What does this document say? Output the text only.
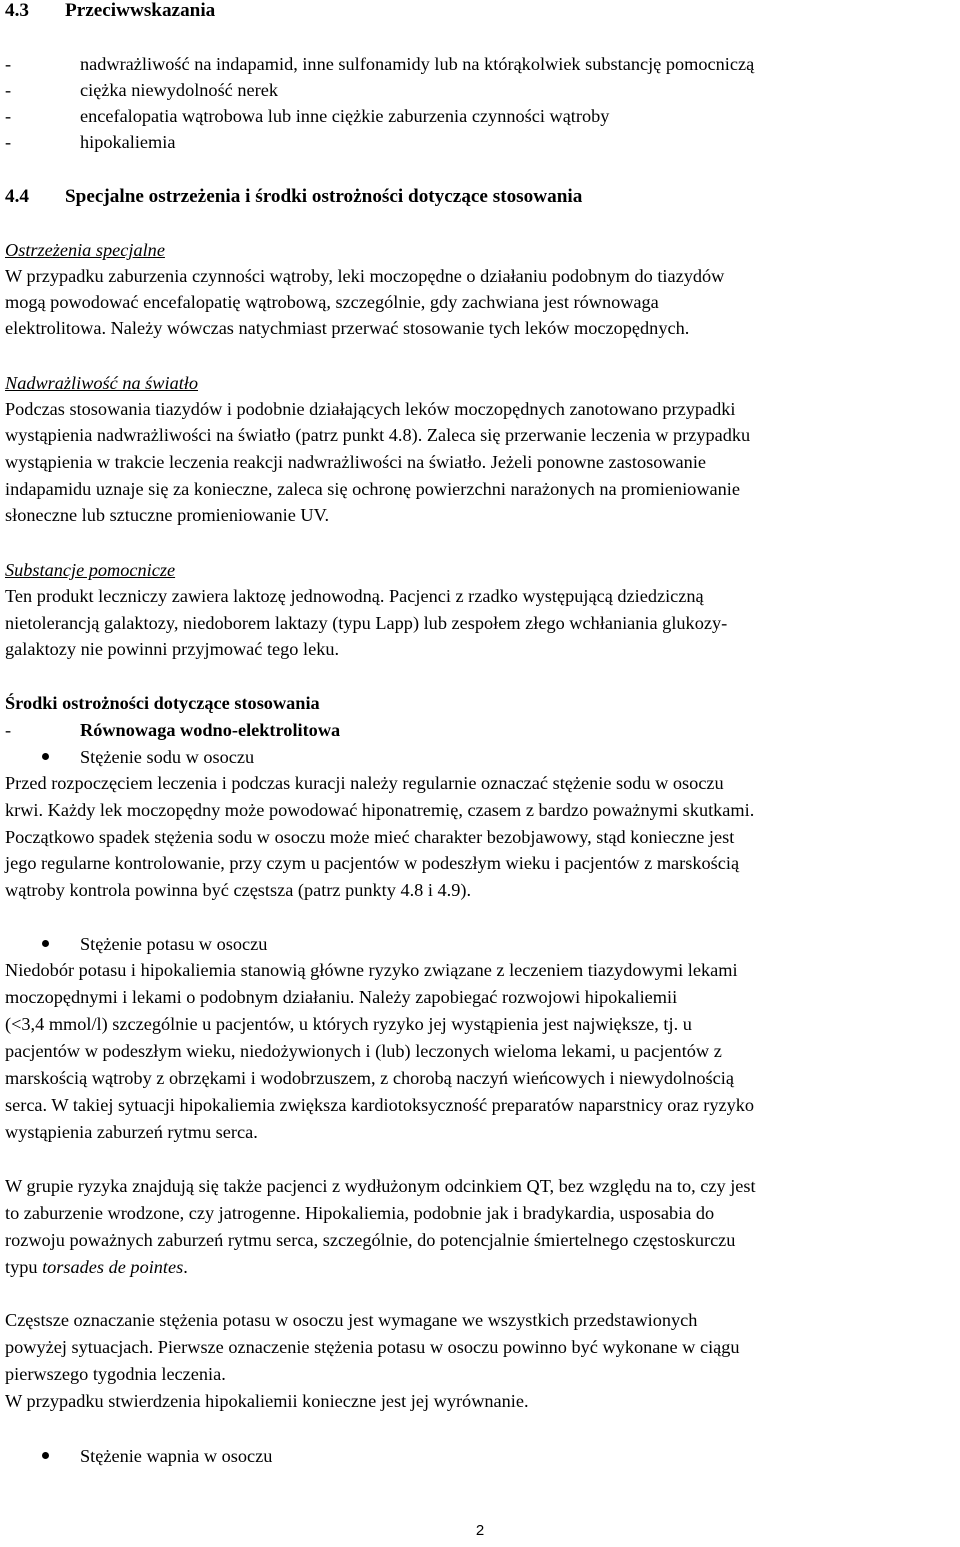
4.3 Przeciwwskazania
-	nadwrażliwość na indapamid, inne sulfonamidy lub na którąkolwiek substancję pomocniczą
-	ciężka niewydolność nerek
-	encefalopatia wątrobowa lub inne ciężkie zaburzenia czynności wątroby
-	hipokaliemia
4.4 Specjalne ostrzeżenia i środki ostrożności dotyczące stosowania
Ostrzeżenia specjalne
W przypadku zaburzenia czynności wątroby, leki moczopędne o działaniu podobnym do tiazydów
mogą powodować encefalopatię wątrobową, szczególnie, gdy zachwiana jest równowaga
elektrolitowa. Należy wówczas natychmiast przerwać stosowanie tych leków moczopędnych.
Nadwrażliwość na światło
Podczas stosowania tiazydów i podobnie działających leków moczopędnych zanotowano przypadki
wystąpienia nadwrażliwości na światło (patrz punkt 4.8). Zaleca się przerwanie leczenia w przypadku
wystąpienia w trakcie leczenia reakcji nadwrażliwości na światło. Jeżeli ponowne zastosowanie
indapamidu uznaje się za konieczne, zaleca się ochronę powierzchni narażonych na promieniowanie
słoneczne lub sztuczne promieniowanie UV.
Substancje pomocnicze
Ten produkt leczniczy zawiera laktozę jednowodną. Pacjenci z rzadko występującą dziedziczną
nietolerancją galaktozy, niedoborem laktazy (typu Lapp) lub zespołem złego wchłaniania glukozy-
galaktozy nie powinni przyjmować tego leku.
Środki ostrożności dotyczące stosowania
-	Równowaga wodno-elektrolitowa
Stężenie sodu w osoczu
Przed rozpoczęciem leczenia i podczas kuracji należy regularnie oznaczać stężenie sodu w osoczu
krwi. Każdy lek moczopędny może powodować hiponatremię, czasem z bardzo poważnymi skutkami.
Początkowo spadek stężenia sodu w osoczu może mieć charakter bezobjawowy, stąd konieczne jest
jego regularne kontrolowanie, przy czym u pacjentów w podeszłym wieku i pacjentów z marskością
wątroby kontrola powinna być częstsza (patrz punkty 4.8 i 4.9).
Stężenie potasu w osoczu
Niedobór potasu i hipokaliemia stanowią główne ryzyko związane z leczeniem tiazydowymi lekami
moczopędnymi i lekami o podobnym działaniu. Należy zapobiegać rozwojowi hipokaliemii
(<3,4 mmol/l) szczególnie u pacjentów, u których ryzyko jej wystąpienia jest największe, tj. u
pacjentów w podeszłym wieku, niedożywionych i (lub) leczonych wieloma lekami, u pacjentów z
marskością wątroby z obrzękami i wodobrzuszem, z chorobą naczyń wieńcowych i niewydolnością
serca. W takiej sytuacji hipokaliemia zwiększa kardiotoksyczność preparatów naparstnicy oraz ryzyko
wystąpienia zaburzeń rytmu serca.
W grupie ryzyka znajdują się także pacjenci z wydłużonym odcinkiem QT, bez względu na to, czy jest
to zaburzenie wrodzone, czy jatrogenne. Hipokaliemia, podobnie jak i bradykardia, usposabia do
rozwoju poważnych zaburzeń rytmu serca, szczególnie, do potencjalnie śmiertelnego częstoskurczu
typu torsades de pointes.
Częstsze oznaczanie stężenia potasu w osoczu jest wymagane we wszystkich przedstawionych
powyżej sytuacjach. Pierwsze oznaczenie stężenia potasu w osoczu powinno być wykonane w ciągu
pierwszego tygodnia leczenia.
W przypadku stwierdzenia hipokaliemii konieczne jest jej wyrównanie.
Stężenie wapnia w osoczu
2
